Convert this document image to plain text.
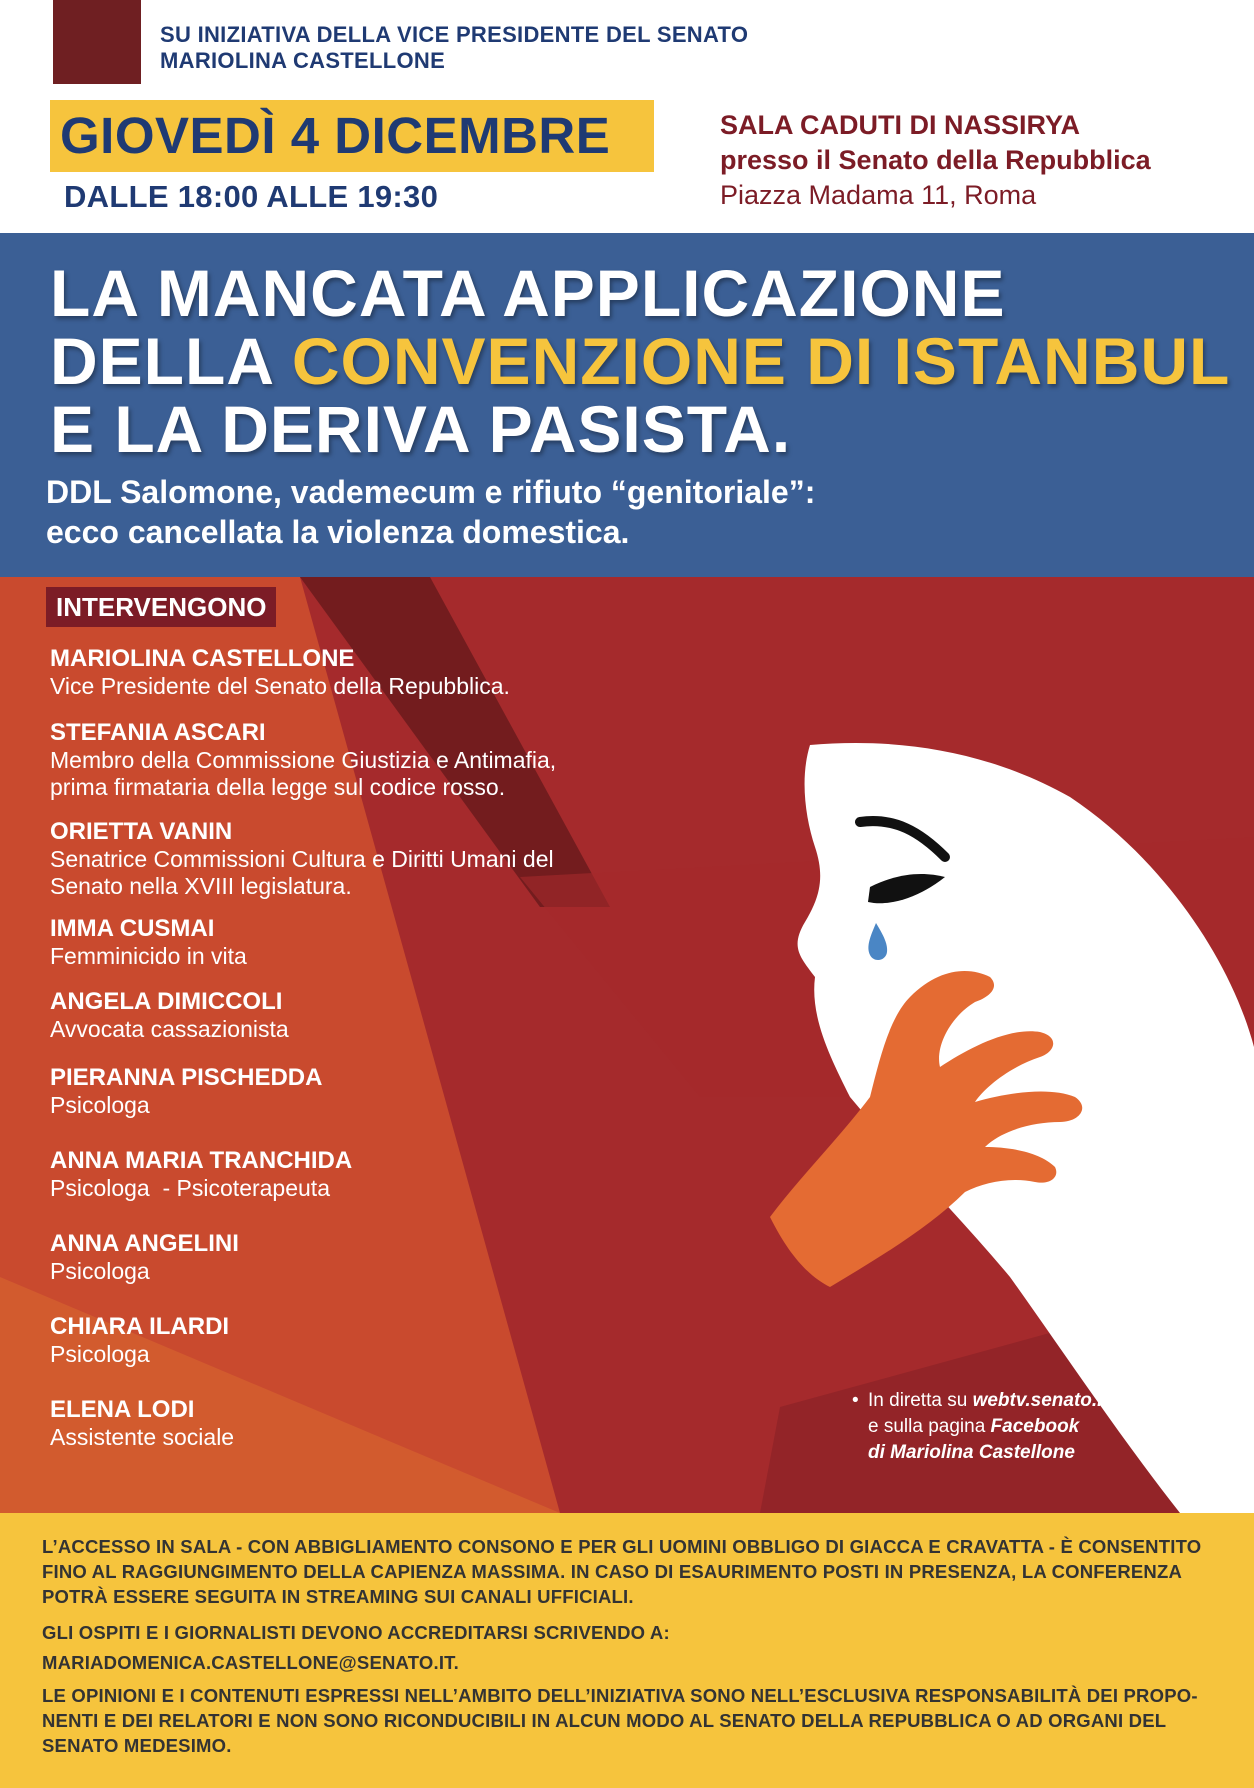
SU INIZIATIVA DELLA VICE PRESIDENTE DEL SENATO
MARIOLINA CASTELLONE
GIOVEDÌ 4 DICEMBRE
DALLE 18:00 ALLE 19:30
SALA CADUTI DI NASSIRYA
presso il Senato della Repubblica
Piazza Madama 11, Roma
LA MANCATA APPLICAZIONE
DELLA CONVENZIONE DI ISTANBUL
E LA DERIVA PASISTA.
DDL Salomone, vademecum e rifiuto “genitoriale”:
ecco cancellata la violenza domestica.
INTERVENGONO
MARIOLINA CASTELLONE
Vice Presidente del Senato della Repubblica.
STEFANIA ASCARI
Membro della Commissione Giustizia e Antimafia,
prima firmataria della legge sul codice rosso.
ORIETTA VANIN
Senatrice Commissioni Cultura e Diritti Umani del
Senato nella XVIII legislatura.
IMMA CUSMAI
Femminicido in vita
ANGELA DIMICCOLI
Avvocata cassazionista
PIERANNA PISCHEDDA
Psicologa
ANNA MARIA TRANCHIDA
Psicologa  - Psicoterapeuta
ANNA ANGELINI
Psicologa
CHIARA ILARDI
Psicologa
ELENA LODI
Assistente sociale
• In diretta su webtv.senato.it
e sulla pagina Facebook
di Mariolina Castellone

L’ACCESSO IN SALA - CON ABBIGLIAMENTO CONSONO E PER GLI UOMINI OBBLIGO DI GIACCA E CRAVATTA - È CONSENTITO FINO AL RAGGIUNGIMENTO DELLA CAPIENZA MASSIMA. IN CASO DI ESAURIMENTO POSTI IN PRESENZA, LA CONFERENZA POTRÀ ESSERE SEGUITA IN STREAMING SUI CANALI UFFICIALI.

GLI OSPITI E I GIORNALISTI DEVONO ACCREDITARSI SCRIVENDO A:

MARIADOMENICA.CASTELLONE@SENATO.IT.

LE OPINIONI E I CONTENUTI ESPRESSI NELL’AMBITO DELL’INIZIATIVA SONO NELL’ESCLUSIVA RESPONSABILITÀ DEI PROPO- NENTI E DEI RELATORI E NON SONO RICONDUCIBILI IN ALCUN MODO AL SENATO DELLA REPUBBLICA O AD ORGANI DEL SENATO MEDESIMO.
